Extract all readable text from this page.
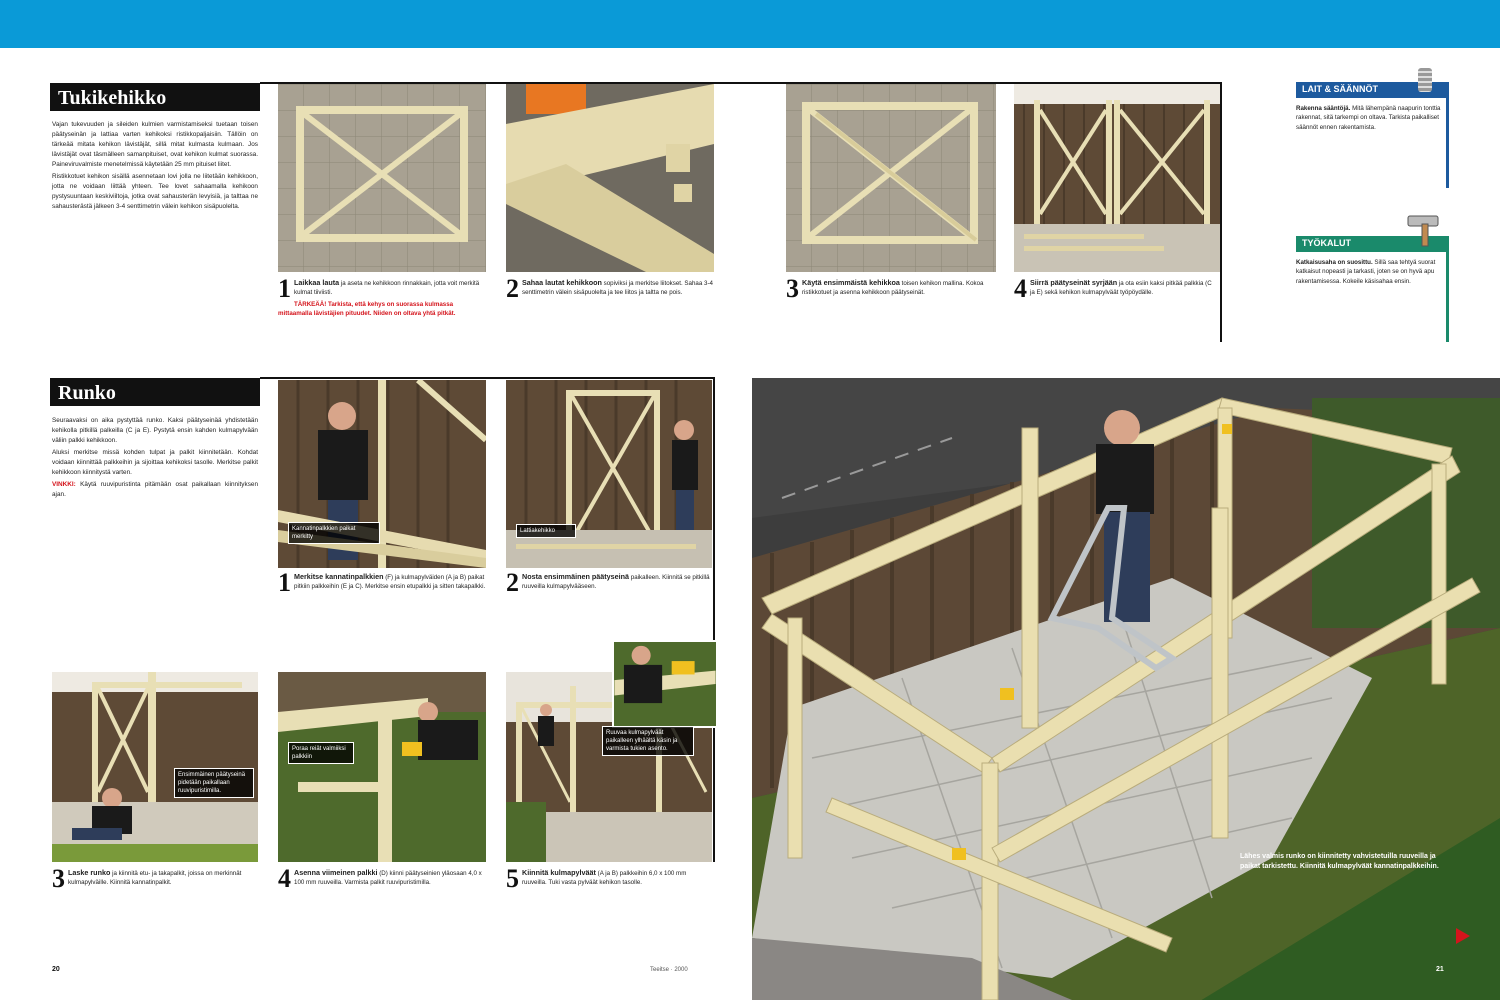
Tukikehikko

Vajan tukevuuden ja sileiden kulmien varmistamiseksi tuetaan toisen päätyseinän ja lattiaa varten kehikoksi ristikkopaljaisiin. Tällöin on tärkeää mitata kehikon lävistäjät, sillä mitat kulmasta kulmaan. Jos lävistäjät ovat täsmälleen samanpituiset, ovat kehikon kulmat suorassa. Paineviruvalmiste menetelmissä käytetään 25 mm pituiset liitet.

Ristikkotuet kehikon sisällä asennetaan lovi jolla ne liitetään kehikkoon, jotta ne voidaan liittää yhteen. Tee lovet sahaamalla kehikoon pystysuuntaan keskiviiltoja, jotka ovat sahausterän levyisiä, ja talttaa ne sahausterästä jälkeen 3-4 senttimetrin välein kehikon sisäpuolelta.

1 Laikkaa lauta ja aseta ne kehikkoon rinnakkain, jotta voit merkitä kulmat tiiviisti.
TÄRKEÄÄ! Tarkista, että kehys on suorassa kulmassa mittaamalla lävistäjien pituudet. Niiden on oltava yhtä pitkät.
2 Sahaa lautat kehikkoon sopiviksi ja merkitse liitokset. Sahaa 3-4 senttimetrin välein sisäpuolelta ja tee liitos ja taltta ne pois.	3 Käytä ensimmäistä kehikkoa toisen kehikon mallina. Kokoa ristikkotuet ja asenna kehikkoon päätyseinät.	4 Siirrä päätyseinät syrjään ja ota esiin kaksi pitkää palkkia (C ja E) sekä kehikon kulmapylväät työpöydälle.
LAIT & SÄÄNNÖT
Rakenna sääntöjä. Mitä lähempänä naapurin tonttia rakennat, sitä tarkempi on oltava. Tarkista paikalliset säännöt ennen rakentamista.
TYÖKALUT
Katkaisusaha on suosittu. Sillä saa tehtyä suorat katkaisut nopeasti ja tarkasti, joten se on hyvä apu rakentamisessa. Kokeile käsisahaa ensin.
Runko

Seuraavaksi on aika pystyttää runko. Kaksi päätyseinää yhdistetään kehikolla pitkillä palkeilla (C ja E). Pystytä ensin kahden kulmapylvään väliin palkki kehikkoon.

Aluksi merkitse missä kohden tulpat ja palkit kiinnitetään. Kohdat voidaan kiinnittää palkkeihin ja sijoittaa kehikoksi tasolle. Merkitse palkit kehikkoon kiinnitystä varten.

VINKKI: Käytä ruuvipuristinta pitämään osat paikallaan kiinnityksen ajan.

Kannatinpalkkien paikat merkitty
Lattiakehikko
1 Merkitse kannatinpalkkien (F) ja kulmapylväiden (A ja B) paikat pitkiin palkkeihin (E ja C). Merkitse ensin etupalkki ja sitten takapalkki. 2 Nosta ensimmäinen päätyseinä paikalleen. Kiinnitä se pitkillä ruuveilla kulmapylvääseen.
Ensimmäinen päätyseinä pidetään paikallaan ruuvipuristimilla.
Poraa reiät valmiiksi palkkiin
Ruuvaa kulmapylväät paikalleen ylhäältä käsin ja varmista tukien asento.
3 Laske runko ja kiinnitä etu- ja takapalkit, joissa on merkinnät kulmapylväille. Kiinnitä kannatinpalkit.	4 Asenna viimeinen palkki (D) kiinni päätyseinien yläosaan 4,0 x 100 mm ruuveilla. Varmista palkit ruuvipuristimilla.	5 Kiinnitä kulmapylväät (A ja B) palkkeihin 6,0 x 100 mm ruuveilla. Tuki vasta pylväät kehikon tasolle.
Lähes valmis runko on kiinnitetty vahvistetuilla ruuveilla ja paikat tarkistettu. Kiinnitä kulmapylväät kannatinpalkkeihin.
20	Teeitse · 2000	21
